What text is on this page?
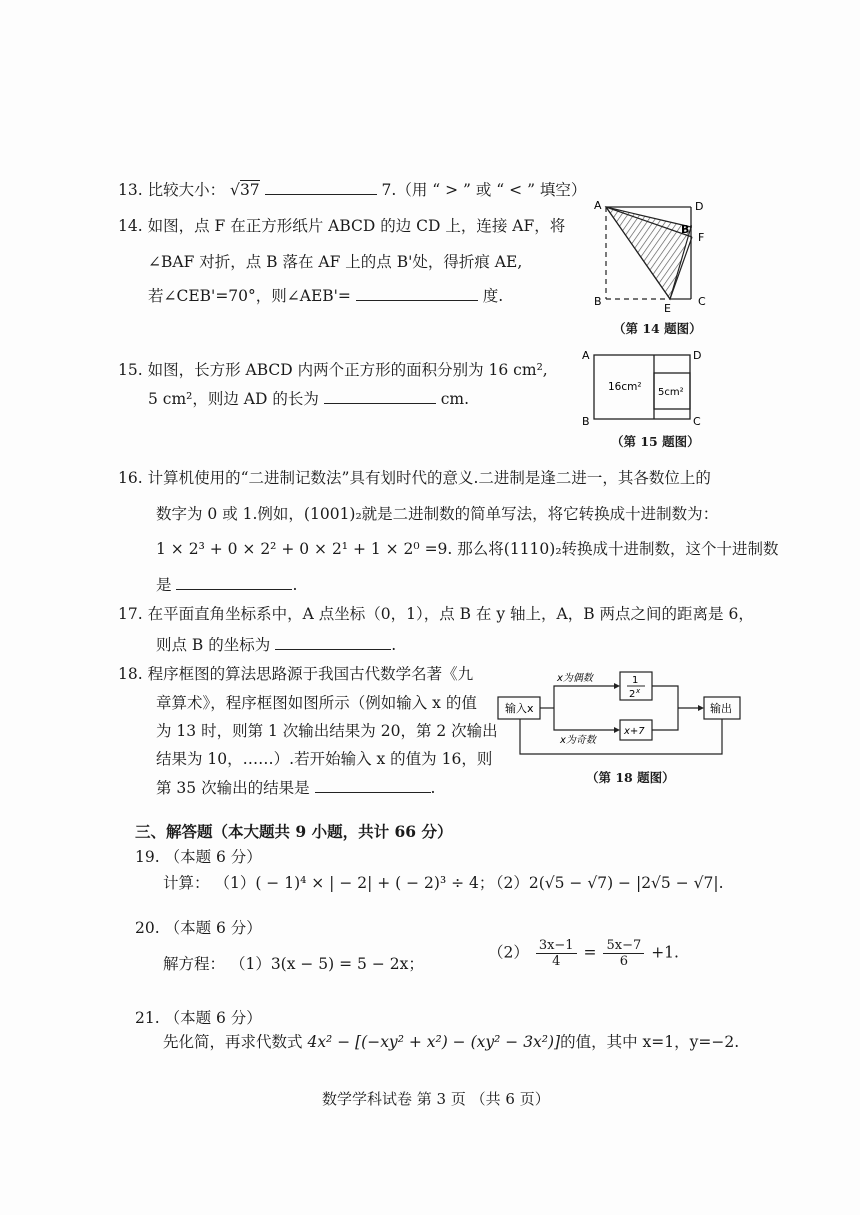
13. 比较大小： √37	7.（用 “ > ” 或 “ < ” 填空）
14. 如图，点 F 在正方形纸片 ABCD 的边 CD 上，连接 AF，将
∠BAF 对折，点 B 落在 AF 上的点 B'处，得折痕 AE,
若∠CEB'=70°，则∠AEB'=	度.
A	D
B'
F
B
E
C
（第 14 题图）
15. 如图，长方形 ABCD 内两个正方形的面积分别为 16 cm²,
5 cm²，则边 AD 的长为	cm.
A	D
B	C
16cm² 5cm²
（第 15 题图）
16. 计算机使用的“二进制记数法”具有划时代的意义.二进制是逢二进一，其各数位上的
数字为 0 或 1.例如，(1001)₂就是二进制数的简单写法，将它转换成十进制数为：
1 × 2³ + 0 × 2² + 0 × 2¹ + 1 × 2⁰ =9. 那么将(1110)₂转换成十进制数，这个十进制数
是	.
17. 在平面直角坐标系中，A 点坐标（0，1），点 B 在 y 轴上，A，B 两点之间的距离是 6，
则点 B 的坐标为	.
18. 程序框图的算法思路源于我国古代数学名著《九
章算术》，程序框图如图所示（例如输入 x 的值
为 13 时，则第 1 次输出结果为 20，第 2 次输出
结果为 10，……）.若开始输入 x 的值为 16，则
第 35 次输出的结果是	.
输入x
x为偶数
x为奇数
1
2 x
x+7
输出
（第 18 题图）
三、解答题（本大题共 9 小题，共计 66 分）
19. （本题 6 分）
计算： （1）( − 1)⁴ × | − 2| + ( − 2)³ ÷ 4；
（2）2(√5 − √7) − |2√5 − √7|.
20. （本题 6 分）
解方程： （1）3(x − 5) = 5 − 2x；
$(2) \frac{3x-1}{4} = \frac{5x-7}{6} +1$.
21. （本题 6 分）
先化简，再求代数式 4x² − [(−xy² + x²) − (xy² − 3x²)]的值，其中 x=1，y=−2.
数学学科试卷 第 3 页 （共 6 页）
